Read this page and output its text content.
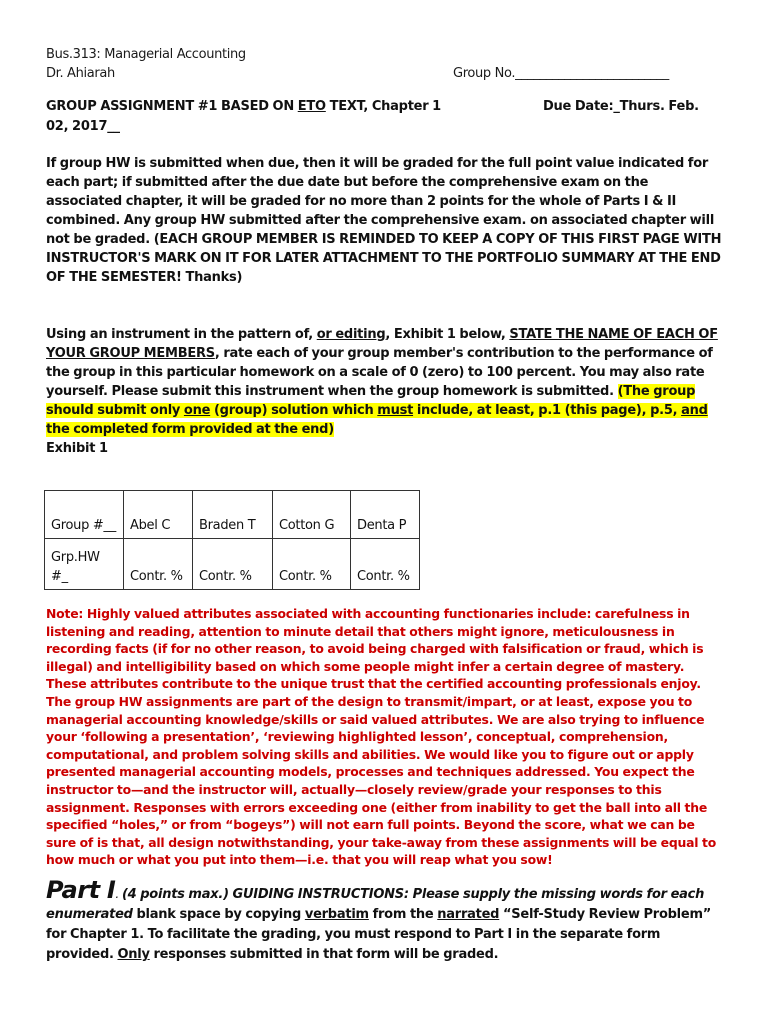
Bus.313: Managerial Accounting
Dr. Ahiarah	Group No._________________________
GROUP ASSIGNMENT #1 BASED ON ETO TEXT, Chapter 1	Due Date:_Thurs. Feb.
02, 2017__
If group HW is submitted when due, then it will be graded for the full point value indicated for each part; if submitted after the due date but before the comprehensive exam on the associated chapter, it will be graded for no more than 2 points for the whole of Parts I & II combined. Any group HW submitted after the comprehensive exam. on associated chapter will not be graded. (EACH GROUP MEMBER IS REMINDED TO KEEP A COPY OF THIS FIRST PAGE WITH INSTRUCTOR'S MARK ON IT FOR LATER ATTACHMENT TO THE PORTFOLIO SUMMARY AT THE END OF THE SEMESTER! Thanks)
Using an instrument in the pattern of, or editing, Exhibit 1 below, STATE THE NAME OF EACH OF YOUR GROUP MEMBERS, rate each of your group member's contribution to the performance of the group in this particular homework on a scale of 0 (zero) to 100 percent. You may also rate yourself. Please submit this instrument when the group homework is submitted. (The group should submit only one (group) solution which must include, at least, p.1 (this page), p.5, and the completed form provided at the end)
Exhibit 1
Group #__	Abel C	Braden T	Cotton G	Denta P
Grp.HW #_	Contr. %	Contr. %	Contr. %	Contr. %
Note: Highly valued attributes associated with accounting functionaries include: carefulness in listening and reading, attention to minute detail that others might ignore, meticulousness in recording facts (if for no other reason, to avoid being charged with falsification or fraud, which is illegal) and intelligibility based on which some people might infer a certain degree of mastery. These attributes contribute to the unique trust that the certified accounting professionals enjoy. The group HW assignments are part of the design to transmit/impart, or at least, expose you to managerial accounting knowledge/skills or said valued attributes. We are also trying to influence your ‘following a presentation’, ‘reviewing highlighted lesson’, conceptual, comprehension, computational, and problem solving skills and abilities. We would like you to figure out or apply presented managerial accounting models, processes and techniques addressed. You expect the instructor to—and the instructor will, actually—closely review/grade your responses to this assignment. Responses with errors exceeding one (either from inability to get the ball into all the specified “holes,” or from “bogeys”) will not earn full points. Beyond the score, what we can be sure of is that, all design notwithstanding, your take-away from these assignments will be equal to how much or what you put into them—i.e. that you will reap what you sow!
Part I. (4 points max.) GUIDING INSTRUCTIONS: Please supply the missing words for each enumerated blank space by copying verbatim from the narrated “Self-Study Review Problem” for Chapter 1. To facilitate the grading, you must respond to Part I in the separate form provided. Only responses submitted in that form will be graded.
